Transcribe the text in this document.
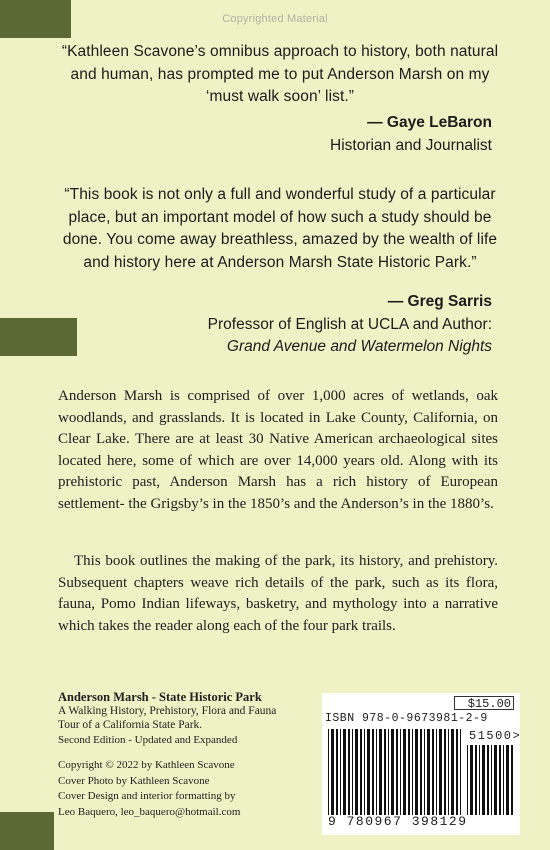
Copyrighted Material
“Kathleen Scavone’s omnibus approach to history, both natural and human, has prompted me to put Anderson Marsh on my ‘must walk soon’ list.”
— Gaye LeBaron
Historian and Journalist
“This book is not only a full and wonderful study of a particular place, but an important model of how such a study should be done. You come away breathless, amazed by the wealth of life and history here at Anderson Marsh State Historic Park.”
— Greg Sarris
Professor of English at UCLA and Author:
Grand Avenue and Watermelon Nights
Anderson Marsh is comprised of over 1,000 acres of wetlands, oak woodlands, and grasslands. It is located in Lake County, California, on Clear Lake. There are at least 30 Native American archaeological sites located here, some of which are over 14,000 years old. Along with its prehistoric past, Anderson Marsh has a rich history of European settlement- the Grigsby’s in the 1850’s and the Anderson’s in the 1880’s.
This book outlines the making of the park, its history, and prehistory. Subsequent chapters weave rich details of the park, such as its flora, fauna, Pomo Indian lifeways, basketry, and mythology into a narrative which takes the reader along each of the four park trails.
Anderson Marsh - State Historic Park
A Walking History, Prehistory, Flora and Fauna Tour of a California State Park.
Second Edition - Updated and Expanded
Copyright © 2022 by Kathleen Scavone
Cover Photo by Kathleen Scavone
Cover Design and interior formatting by
Leo Baquero, leo_baquero@hotmail.com
$15.00
ISBN 978-0-9673981-2-9
51500>
9 780967 398129
